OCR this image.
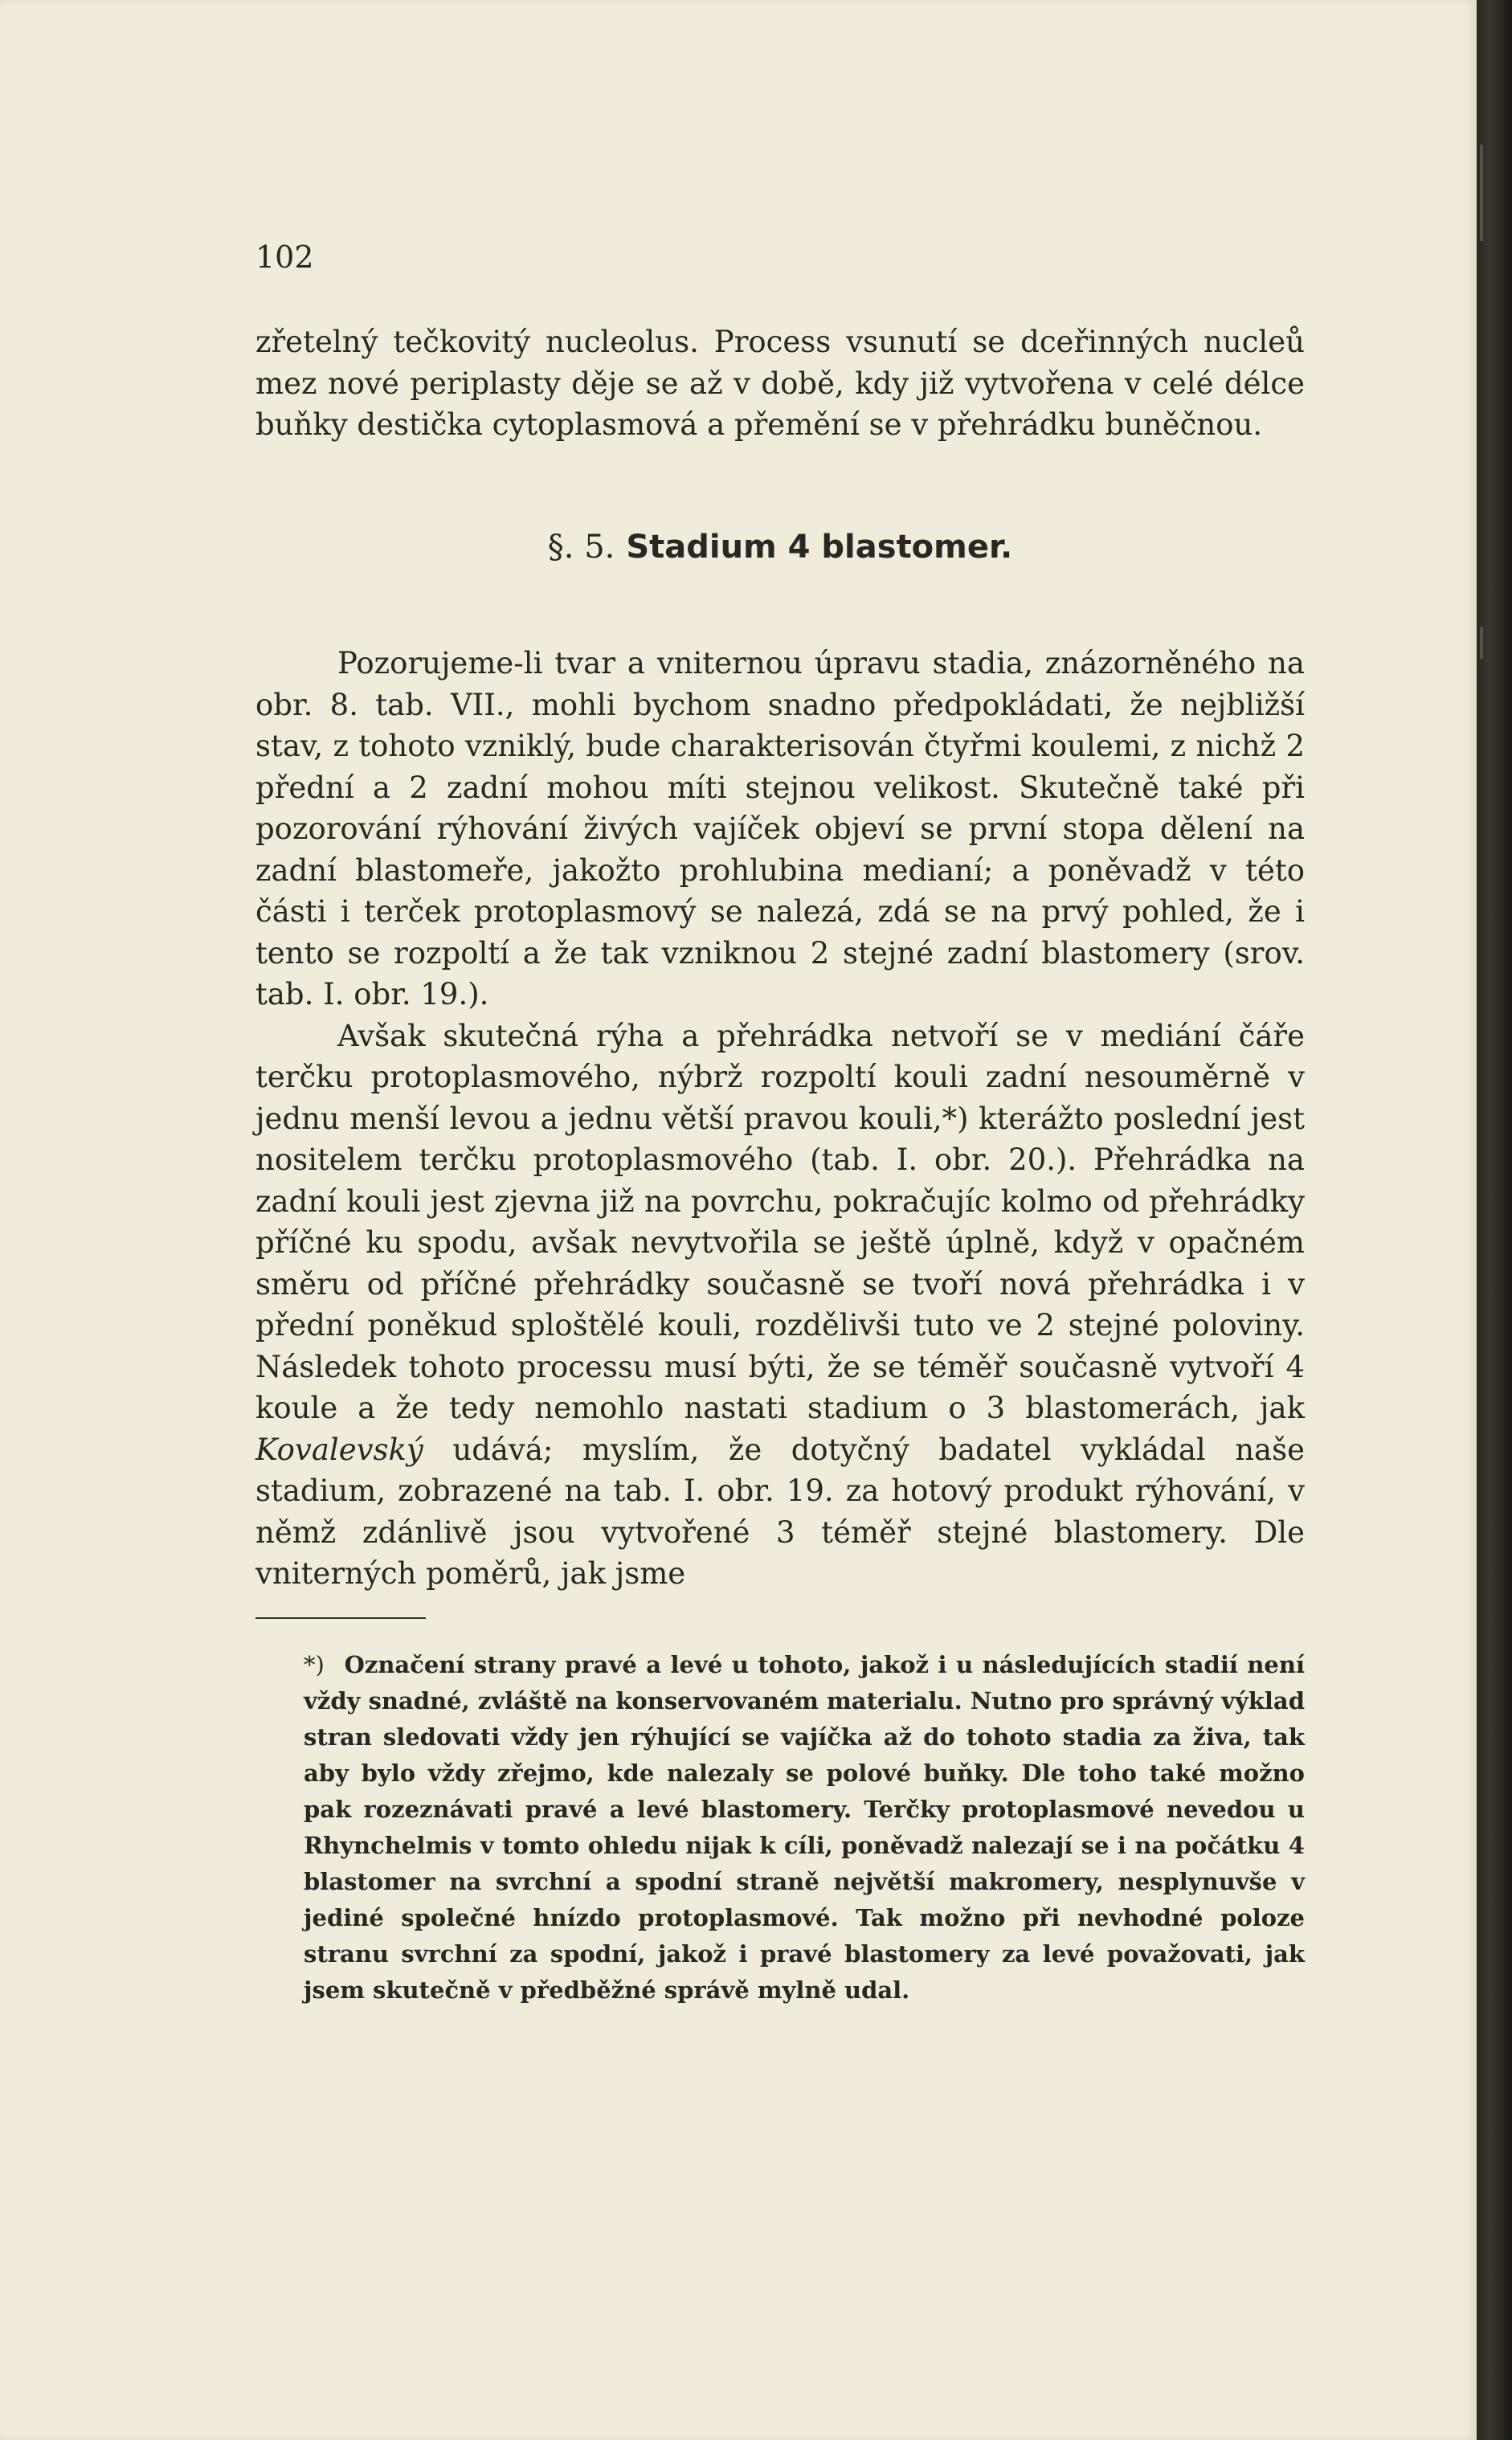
102

zřetelný tečkovitý nucleolus. Process vsunutí se dceřinných nucleů mez nové periplasty děje se až v době, kdy již vytvořena v celé délce buňky destička cytoplasmová a přemění se v přehrádku buněčnou.

§. 5. Stadium 4 blastomer.

Pozorujeme-li tvar a vniternou úpravu stadia, znázorněného na obr. 8. tab. VII., mohli bychom snadno předpokládati, že nejbližší stav, z tohoto vzniklý, bude charakterisován čtyřmi koulemi, z nichž 2 přední a 2 zadní mohou míti stejnou velikost. Skutečně také při pozorování rýhování živých vajíček objeví se první stopa dělení na zadní blastomeře, jakožto prohlubina medianí; a poněvadž v této části i terček protoplasmový se nalezá, zdá se na prvý pohled, že i tento se rozpoltí a že tak vzniknou 2 stejné zadní blastomery (srov. tab. I. obr. 19.).

Avšak skutečná rýha a přehrádka netvoří se v mediání čáře terčku protoplasmového, nýbrž rozpoltí kouli zadní nesouměrně v jednu menší levou a jednu větší pravou kouli,*) kterážto poslední jest nositelem terčku protoplasmového (tab. I. obr. 20.). Přehrádka na zadní kouli jest zjevna již na povrchu, pokračujíc kolmo od přehrádky příčné ku spodu, avšak nevytvořila se ještě úplně, když v opačném směru od příčné přehrádky současně se tvoří nová přehrádka i v přední poněkud sploštělé kouli, rozdělivši tuto ve 2 stejné poloviny. Následek tohoto processu musí býti, že se téměř současně vytvoří 4 koule a že tedy nemohlo nastati stadium o 3 blastomerách, jak Kovalevský udává; myslím, že dotyčný badatel vykládal naše stadium, zobrazené na tab. I. obr. 19. za hotový produkt rýhování, v němž zdánlivě jsou vytvořené 3 téměř stejné blastomery. Dle vniterných poměrů, jak jsme

*) Označení strany pravé a levé u tohoto, jakož i u následujících stadií není vždy snadné, zvláště na konservovaném materialu. Nutno pro správný výklad stran sledovati vždy jen rýhující se vajíčka až do tohoto stadia za živa, tak aby bylo vždy zřejmo, kde nalezaly se polové buňky. Dle toho také možno pak rozeznávati pravé a levé blastomery. Terčky protoplasmové nevedou u Rhynchelmis v tomto ohledu nijak k cíli, poněvadž nalezají se i na počátku 4 blastomer na svrchní a spodní straně největší makromery, nesplynuvše v jediné společné hnízdo protoplasmové. Tak možno při nevhodné poloze stranu svrchní za spodní, jakož i pravé blastomery za levé považovati, jak jsem skutečně v předběžné správě mylně udal.
